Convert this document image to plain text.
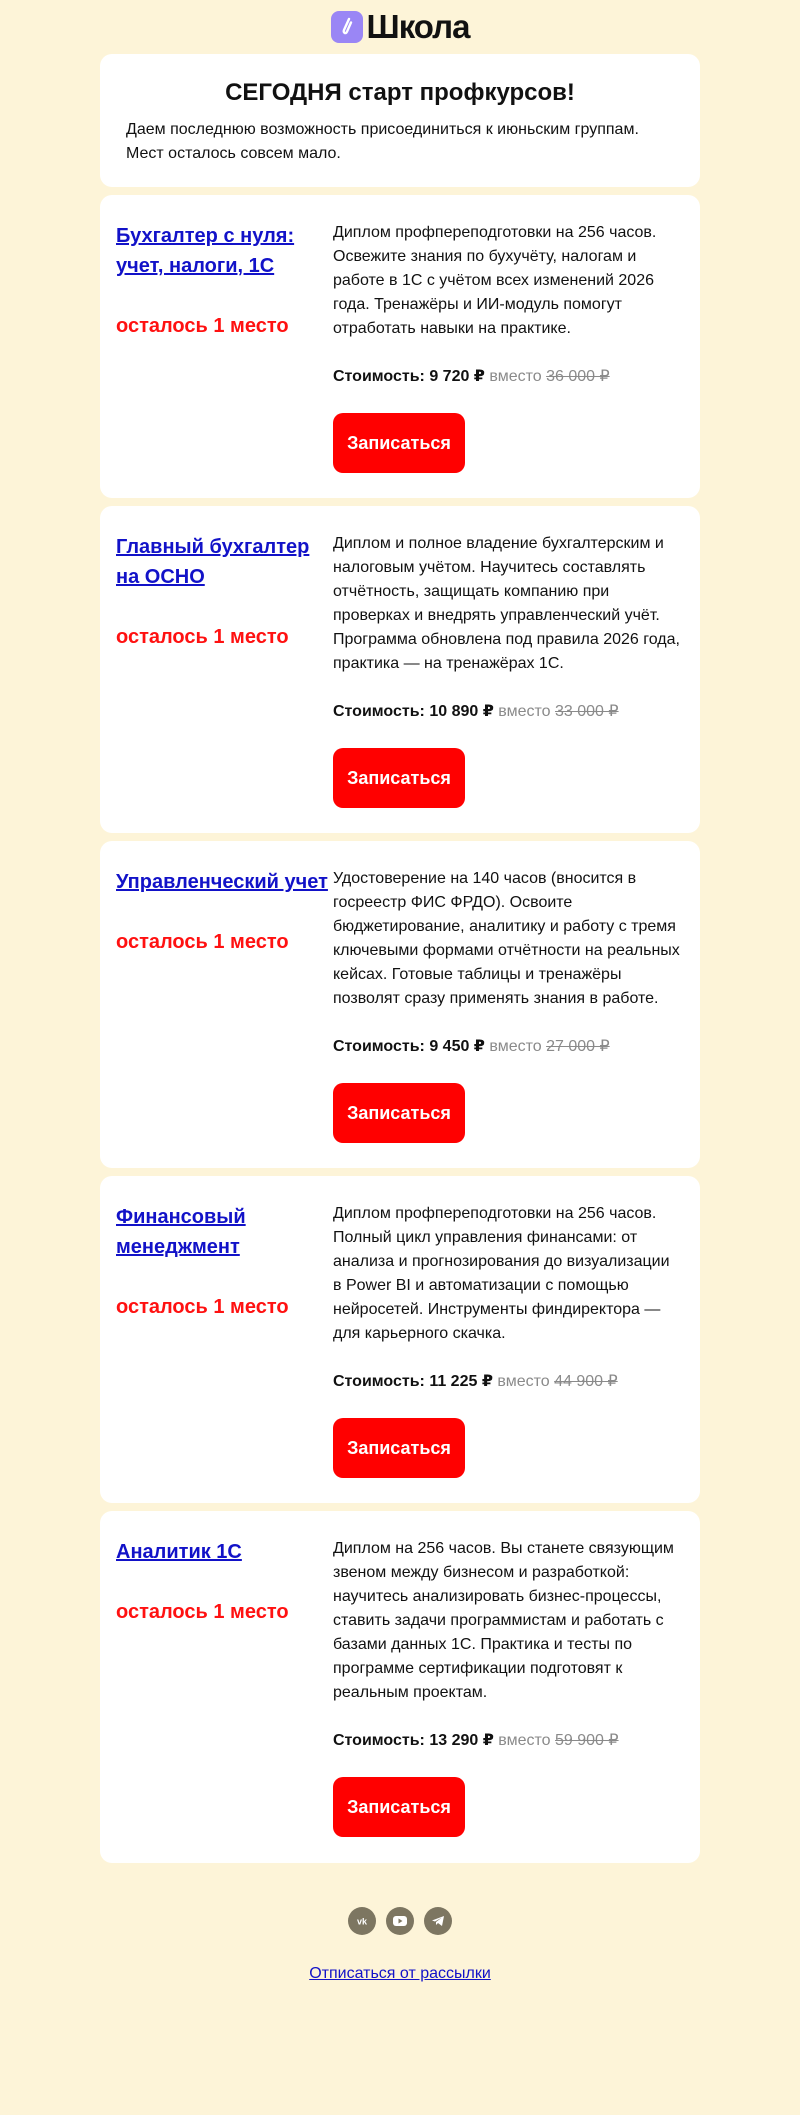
Школа
СЕГОДНЯ старт профкурсов!

Даем последнюю возможность присоединиться к июньским группам.

Мест осталось совсем мало.

Бухгалтер с нуля: учет, налоги, 1С
осталось 1 место

Диплом профпереподготовки на 256 часов. Освежите знания по бухучёту, налогам и работе в 1С с учётом всех изменений 2026 года. Тренажёры и ИИ-модуль помогут отработать навыки на практике.

Стоимость: 9 720 ₽ вместо 36 000 ₽

Записаться
Главный бухгалтер на ОСНО
осталось 1 место

Диплом и полное владение бухгалтерским и налоговым учётом. Научитесь составлять отчётность, защищать компанию при проверках и внедрять управленческий учёт. Программа обновлена под правила 2026 года, практика — на тренажёрах 1С.

Стоимость: 10 890 ₽ вместо 33 000 ₽

Записаться
Управленческий учет
осталось 1 место

Удостоверение на 140 часов (вносится в госреестр ФИС ФРДО). Освоите бюджетирование, аналитику и работу с тремя ключевыми формами отчётности на реальных кейсах. Готовые таблицы и тренажёры позволят сразу применять знания в работе.

Стоимость: 9 450 ₽ вместо 27 000 ₽

Записаться
Финансовый менеджмент
осталось 1 место

Диплом профпереподготовки на 256 часов. Полный цикл управления финансами: от анализа и прогнозирования до визуализации в Power BI и автоматизации с помощью нейросетей. Инструменты финдиректора — для карьерного скачка.

Стоимость: 11 225 ₽ вместо 44 900 ₽

Записаться
Аналитик 1С
осталось 1 место

Диплом на 256 часов. Вы станете связующим звеном между бизнесом и разработкой: научитесь анализировать бизнес-процессы, ставить задачи программистам и работать с базами данных 1С. Практика и тесты по программе сертификации подготовят к реальным проектам.

Стоимость: 13 290 ₽ вместо 59 900 ₽

Записаться
vk
Отписаться от рассылки
